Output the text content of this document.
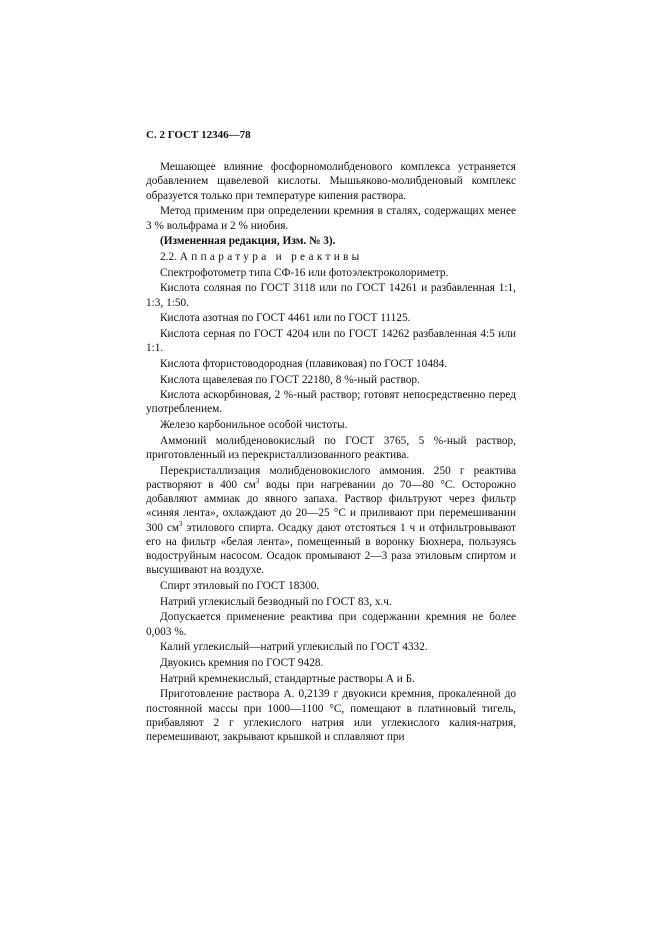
С. 2 ГОСТ 12346—78

Мешающее влияние фосфорномолибденового комплекса устраняется добавлением щавелевой кислоты. Мышьяково-молибденовый комплекс образуется только при температуре кипения раствора.

Метод применим при определении кремния в сталях, содержащих менее 3 % вольфрама и 2 % ниобия.

(Измененная редакция, Изм. № 3).

2.2. Аппаратура и реактивы

Спектрофотометр типа СФ-16 или фотоэлектроколориметр.

Кислота соляная по ГОСТ 3118 или по ГОСТ 14261 и разбавленная 1:1, 1:3, 1:50.

Кислота азотная по ГОСТ 4461 или по ГОСТ 11125.

Кислота серная по ГОСТ 4204 или по ГОСТ 14262 разбавленная 4:5 или 1:1.

Кислота фтористоводородная (плавиковая) по ГОСТ 10484.

Кислота щавелевая по ГОСТ 22180, 8 %-ный раствор.

Кислота аскорбиновая, 2 %-ный раствор; готовят непосредственно перед употреблением.

Железо карбонильное особой чистоты.

Аммоний молибденовокислый по ГОСТ 3765, 5 %-ный раствор, приготовленный из перекристаллизованного реактива.

Перекристаллизация молибденовокислого аммония. 250 г реактива растворяют в 400 $см^3$ воды при нагревании до 70—80 °С. Осторожно добавляют аммиак до явного запаха. Раствор фильтруют через фильтр «синяя лента», охлаждают до 20—25 °С и приливают при перемешивании 300 $см^3$ этилового спирта. Осадку дают отстояться 1 ч и отфильтровывают его на фильтр «белая лента», помещенный в воронку Бюхнера, пользуясь водоструйным насосом. Осадок промывают 2—3 раза этиловым спиртом и высушивают на воздухе.

Спирт этиловый по ГОСТ 18300.

Натрий углекислый безводный по ГОСТ 83, х.ч.

Допускается применение реактива при содержании кремния не более 0,003 %.

Калий углекислый—натрий углекислый по ГОСТ 4332.

Двуокись кремния по ГОСТ 9428.

Натрий кремнекислый, стандартные растворы А и Б.

Приготовление раствора А. 0,2139 г двуокиси кремния, прокаленной до постоянной массы при 1000—1100 °С, помещают в платиновый тигель, прибавляют 2 г углекислого натрия или углекислого калия-натрия, перемешивают, закрывают крышкой и сплавляют при
